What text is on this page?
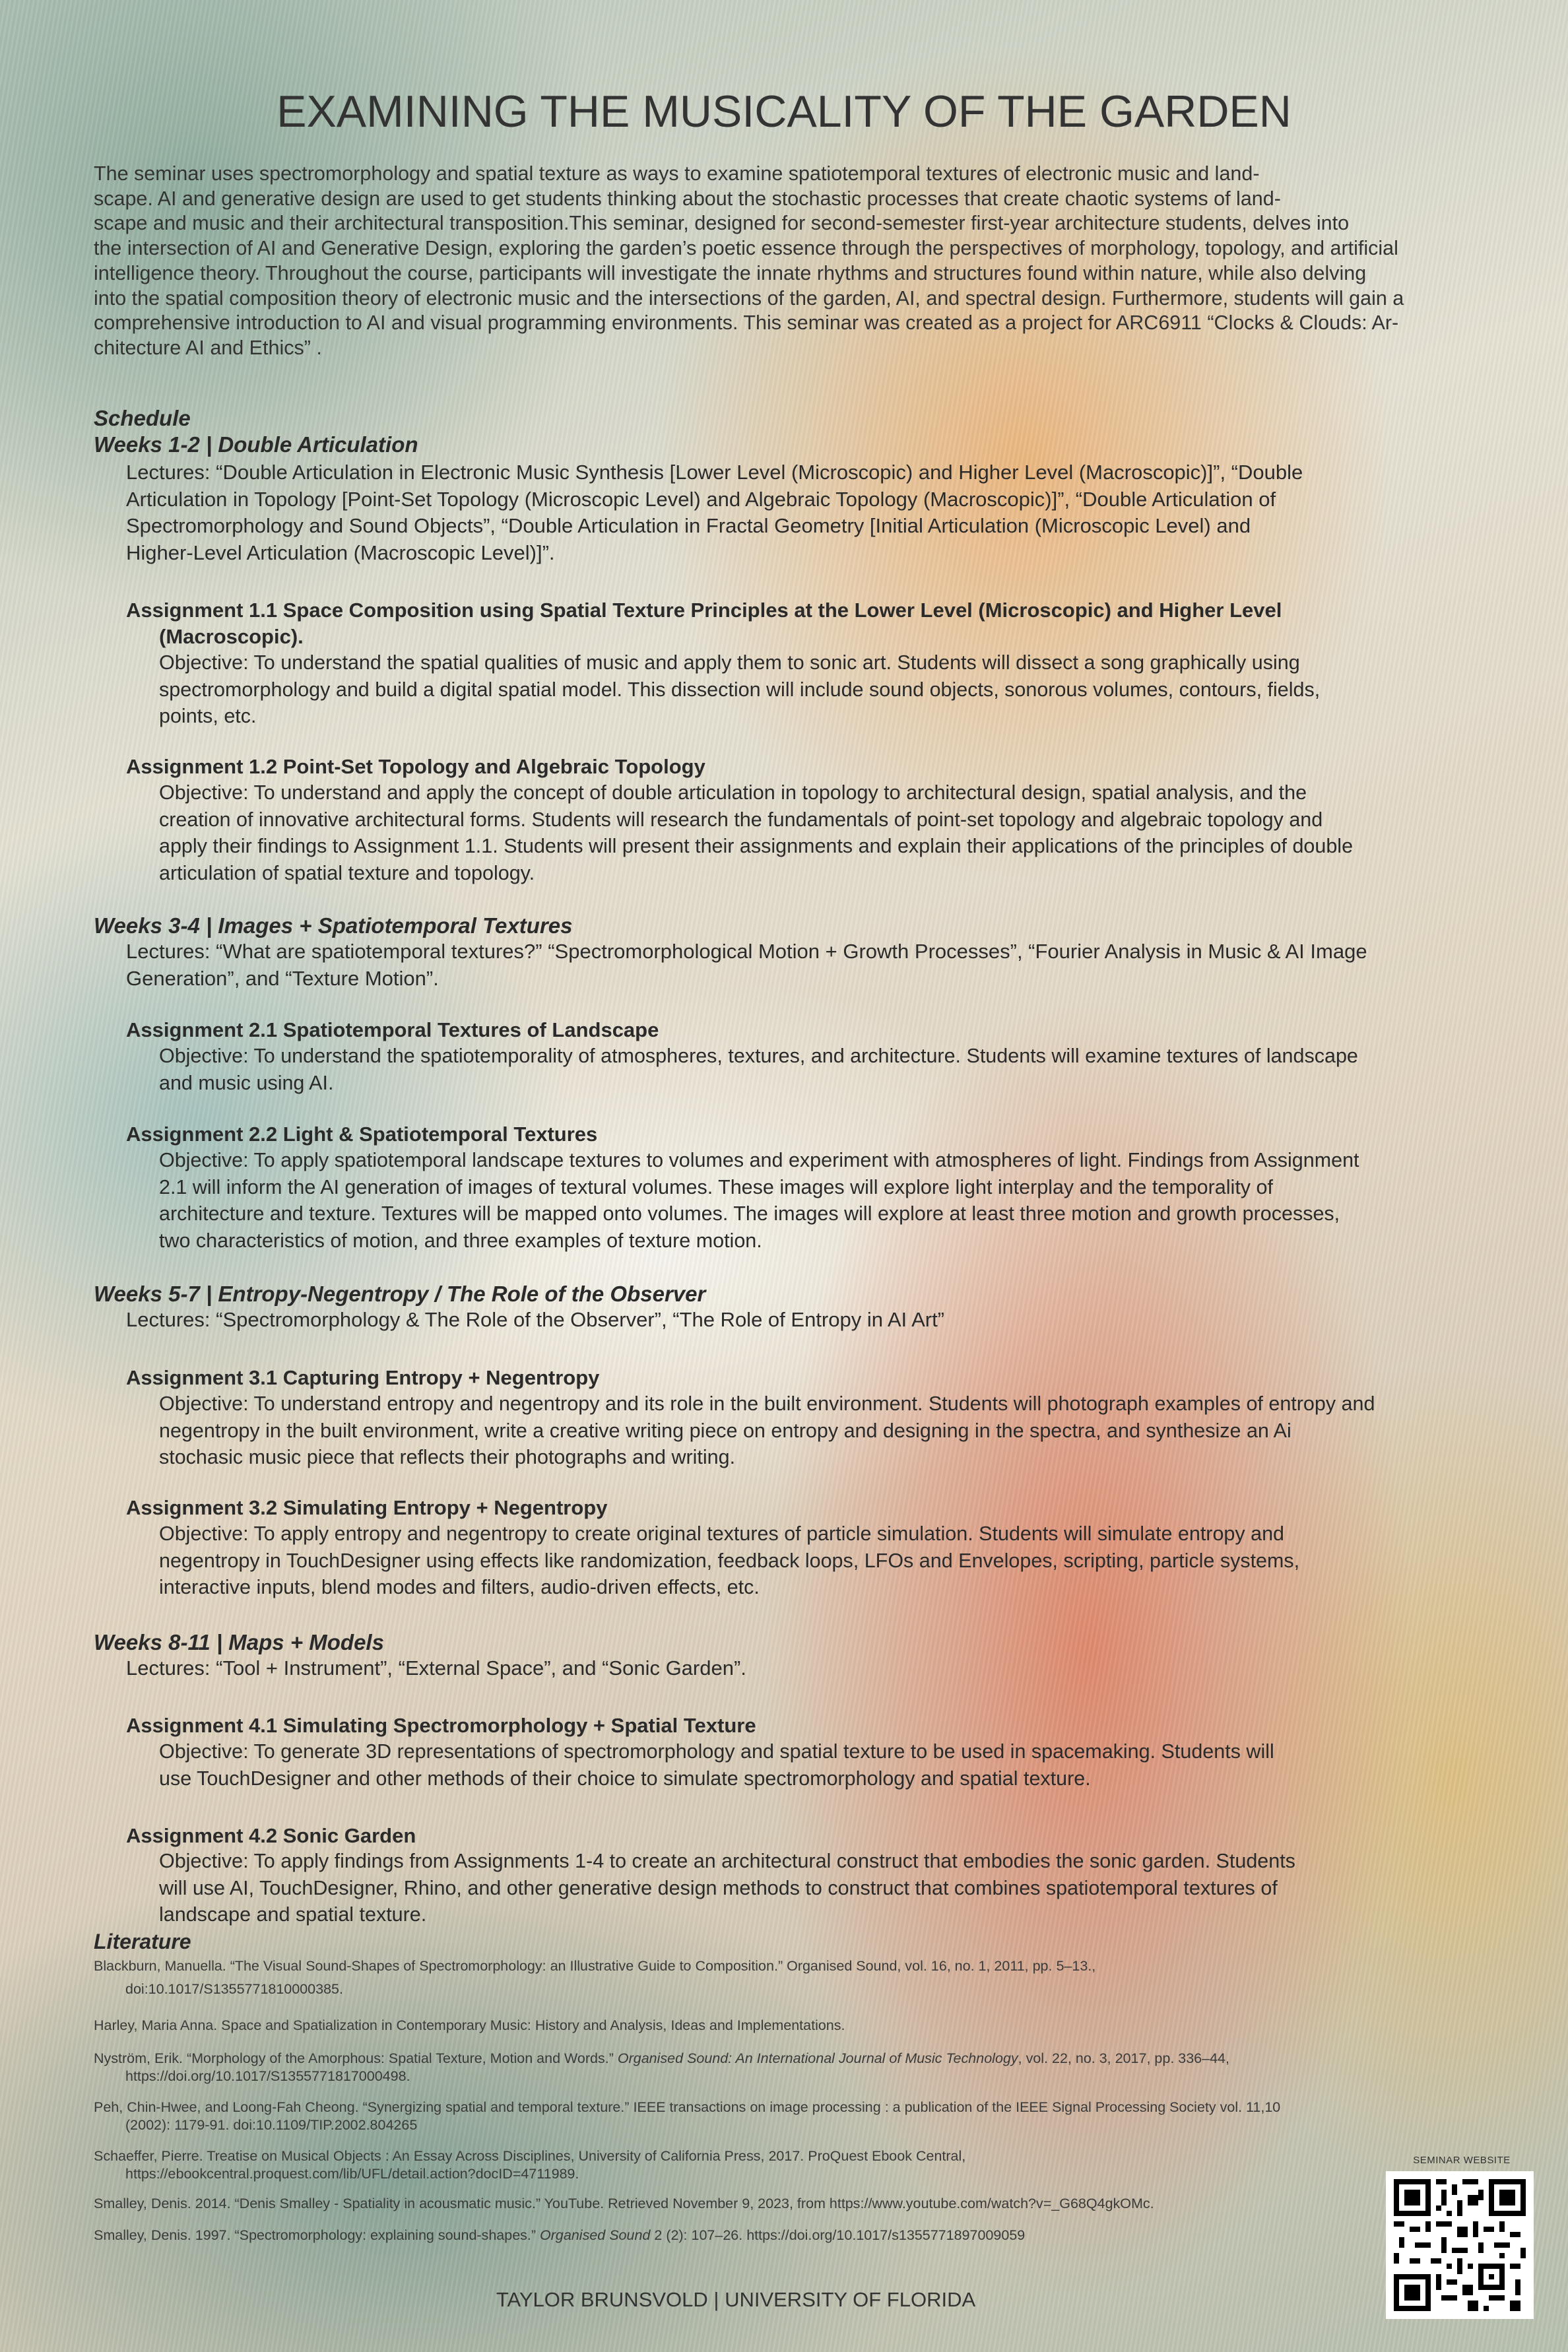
EXAMINING THE MUSICALITY OF THE GARDEN

The seminar uses spectromorphology and spatial texture as ways to examine spatiotemporal textures of electronic music and land-
scape. AI and generative design are used to get students thinking about the stochastic processes that create chaotic systems of land-
scape and music and their architectural transposition.This seminar, designed for second-semester first-year architecture students, delves into
the intersection of AI and Generative Design, exploring the garden’s poetic essence through the perspectives of morphology, topology, and artificial
intelligence theory. Throughout the course, participants will investigate the innate rhythms and structures found within nature, while also delving
into the spatial composition theory of electronic music and the intersections of the garden, AI, and spectral design. Furthermore, students will gain a
comprehensive introduction to AI and visual programming environments. This seminar was created as a project for ARC6911 “Clocks & Clouds: Ar-
chitecture AI and Ethics” .

Schedule
Weeks 1-2 | Double Articulation

Lectures: “Double Articulation in Electronic Music Synthesis [Lower Level (Microscopic) and Higher Level (Macroscopic)]”, “Double
Articulation in Topology [Point-Set Topology (Microscopic Level) and Algebraic Topology (Macroscopic)]”, “Double Articulation of
Spectromorphology and Sound Objects”, “Double Articulation in Fractal Geometry [Initial Articulation (Microscopic Level) and
Higher-Level Articulation (Macroscopic Level)]”.

Assignment 1.1 Space Composition using Spatial Texture Principles at the Lower Level (Microscopic) and Higher Level (Macroscopic).

Objective: To understand the spatial qualities of music and apply them to sonic art. Students will dissect a song graphically using
spectromorphology and build a digital spatial model. This dissection will include sound objects, sonorous volumes, contours, fields,
points, etc.

Assignment 1.2 Point-Set Topology and Algebraic Topology

Objective: To understand and apply the concept of double articulation in topology to architectural design, spatial analysis, and the
creation of innovative architectural forms. Students will research the fundamentals of point-set topology and algebraic topology and
apply their findings to Assignment 1.1. Students will present their assignments and explain their applications of the principles of double
articulation of spatial texture and topology.

Weeks 3-4 | Images + Spatiotemporal Textures

Lectures: “What are spatiotemporal textures?” “Spectromorphological Motion + Growth Processes”, “Fourier Analysis in Music & AI Image
Generation”, and “Texture Motion”.

Assignment 2.1 Spatiotemporal Textures of Landscape

Objective: To understand the spatiotemporality of atmospheres, textures, and architecture. Students will examine textures of landscape
and music using AI.

Assignment 2.2 Light & Spatiotemporal Textures

Objective: To apply spatiotemporal landscape textures to volumes and experiment with atmospheres of light. Findings from Assignment
2.1 will inform the AI generation of images of textural volumes. These images will explore light interplay and the temporality of
architecture and texture. Textures will be mapped onto volumes. The images will explore at least three motion and growth processes,
two characteristics of motion, and three examples of texture motion.

Weeks 5-7 | Entropy-Negentropy / The Role of the Observer

Lectures: “Spectromorphology & The Role of the Observer”, “The Role of Entropy in AI Art”

Assignment 3.1 Capturing Entropy + Negentropy

Objective: To understand entropy and negentropy and its role in the built environment. Students will photograph examples of entropy and
negentropy in the built environment, write a creative writing piece on entropy and designing in the spectra, and synthesize an Ai
stochasic music piece that reflects their photographs and writing.

Assignment 3.2 Simulating Entropy + Negentropy

Objective: To apply entropy and negentropy to create original textures of particle simulation. Students will simulate entropy and
negentropy in TouchDesigner using effects like randomization, feedback loops, LFOs and Envelopes, scripting, particle systems,
interactive inputs, blend modes and filters, audio-driven effects, etc.

Weeks 8-11 | Maps + Models

Lectures: “Tool + Instrument”, “External Space”, and “Sonic Garden”.

Assignment 4.1 Simulating Spectromorphology + Spatial Texture

Objective: To generate 3D representations of spectromorphology and spatial texture to be used in spacemaking. Students will
use TouchDesigner and other methods of their choice to simulate spectromorphology and spatial texture.

Assignment 4.2 Sonic Garden

Objective: To apply findings from Assignments 1-4 to create an architectural construct that embodies the sonic garden. Students
will use AI, TouchDesigner, Rhino, and other generative design methods to construct that combines spatiotemporal textures of
landscape and spatial texture.

Literature

Blackburn, Manuella. “The Visual Sound-Shapes of Spectromorphology: an Illustrative Guide to Composition.” Organised Sound, vol. 16, no. 1, 2011, pp. 5–13.,
doi:10.1017/S1355771810000385.

Harley, Maria Anna. Space and Spatialization in Contemporary Music: History and Analysis, Ideas and Implementations.

Nyström, Erik. “Morphology of the Amorphous: Spatial Texture, Motion and Words.” Organised Sound: An International Journal of Music Technology, vol. 22, no. 3, 2017, pp. 336–44,
https://doi.org/10.1017/S1355771817000498.

Peh, Chin-Hwee, and Loong-Fah Cheong. “Synergizing spatial and temporal texture.” IEEE transactions on image processing : a publication of the IEEE Signal Processing Society vol. 11,10
(2002): 1179-91. doi:10.1109/TIP.2002.804265

Schaeffer, Pierre. Treatise on Musical Objects : An Essay Across Disciplines, University of California Press, 2017. ProQuest Ebook Central,
https://ebookcentral.proquest.com/lib/UFL/detail.action?docID=4711989.

Smalley, Denis. 2014. “Denis Smalley - Spatiality in acousmatic music.” YouTube. Retrieved November 9, 2023, from https://www.youtube.com/watch?v=_G68Q4gkOMc.

Smalley, Denis. 1997. “Spectromorphology: explaining sound-shapes.” Organised Sound 2 (2): 107–26. https://doi.org/10.1017/s1355771897009059

TAYLOR BRUNSVOLD | UNIVERSITY OF FLORIDA
SEMINAR WEBSITE
